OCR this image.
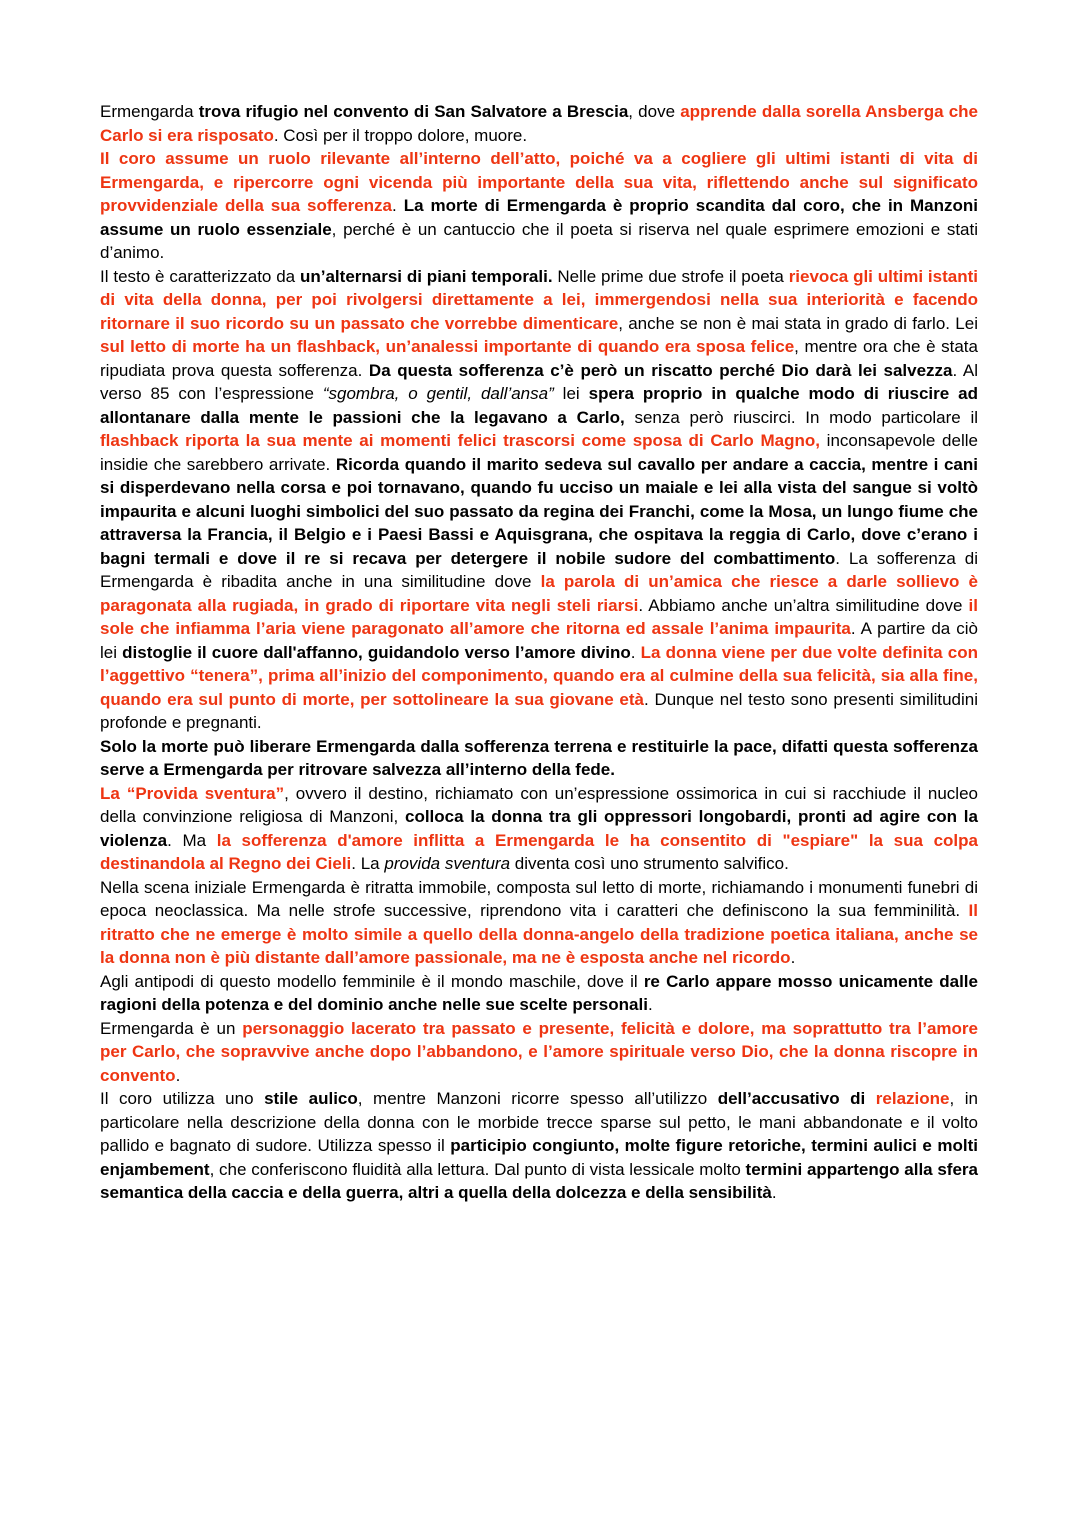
Ermengarda trova rifugio nel convento di San Salvatore a Brescia, dove apprende dalla sorella Ansberga che Carlo si era risposato. Così per il troppo dolore, muore.

Il coro assume un ruolo rilevante all’interno dell’atto, poiché va a cogliere gli ultimi istanti di vita di Ermengarda, e ripercorre ogni vicenda più importante della sua vita, riflettendo anche sul significato provvidenziale della sua sofferenza. La morte di Ermengarda è proprio scandita dal coro, che in Manzoni assume un ruolo essenziale, perché è un cantuccio che il poeta si riserva nel quale esprimere emozioni e stati d’animo.

Il testo è caratterizzato da un’alternarsi di piani temporali. Nelle prime due strofe il poeta rievoca gli ultimi istanti di vita della donna, per poi rivolgersi direttamente a lei, immergendosi nella sua interiorità e facendo ritornare il suo ricordo su un passato che vorrebbe dimenticare, anche se non è mai stata in grado di farlo. Lei sul letto di morte ha un flashback, un’analessi importante di quando era sposa felice, mentre ora che è stata ripudiata prova questa sofferenza. Da questa sofferenza c’è però un riscatto perché Dio darà lei salvezza. Al verso 85 con l’espressione “sgombra, o gentil, dall’ansa” lei spera proprio in qualche modo di riuscire ad allontanare dalla mente le passioni che la legavano a Carlo, senza però riuscirci. In modo particolare il flashback riporta la sua mente ai momenti felici trascorsi come sposa di Carlo Magno, inconsapevole delle insidie che sarebbero arrivate. Ricorda quando il marito sedeva sul cavallo per andare a caccia, mentre i cani si disperdevano nella corsa e poi tornavano, quando fu ucciso un maiale e lei alla vista del sangue si voltò impaurita e alcuni luoghi simbolici del suo passato da regina dei Franchi, come la Mosa, un lungo fiume che attraversa la Francia, il Belgio e i Paesi Bassi e Aquisgrana, che ospitava la reggia di Carlo, dove c’erano i bagni termali e dove il re si recava per detergere il nobile sudore del combattimento. La sofferenza di Ermengarda è ribadita anche in una similitudine dove la parola di un’amica che riesce a darle sollievo è paragonata alla rugiada, in grado di riportare vita negli steli riarsi. Abbiamo anche un’altra similitudine dove il sole che infiamma l’aria viene paragonato all’amore che ritorna ed assale l’anima impaurita. A partire da ciò lei distoglie il cuore dall'affanno, guidandolo verso l’amore divino. La donna viene per due volte definita con l’aggettivo “tenera”, prima all’inizio del componimento, quando era al culmine della sua felicità, sia alla fine, quando era sul punto di morte, per sottolineare la sua giovane età. Dunque nel testo sono presenti similitudini profonde e pregnanti.

Solo la morte può liberare Ermengarda dalla sofferenza terrena e restituirle la pace, difatti questa sofferenza serve a Ermengarda per ritrovare salvezza all’interno della fede.

La “Provida sventura”, ovvero il destino, richiamato con un’espressione ossimorica in cui si racchiude il nucleo della convinzione religiosa di Manzoni, colloca la donna tra gli oppressori longobardi, pronti ad agire con la violenza. Ma la sofferenza d'amore inflitta a Ermengarda le ha consentito di "espiare" la sua colpa destinandola al Regno dei Cieli. La provida sventura diventa così uno strumento salvifico.

Nella scena iniziale Ermengarda è ritratta immobile, composta sul letto di morte, richiamando i monumenti funebri di epoca neoclassica. Ma nelle strofe successive, riprendono vita i caratteri che definiscono la sua femminilità. Il ritratto che ne emerge è molto simile a quello della donna-angelo della tradizione poetica italiana, anche se la donna non è più distante dall’amore passionale, ma ne è esposta anche nel ricordo.

Agli antipodi di questo modello femminile è il mondo maschile, dove il re Carlo appare mosso unicamente dalle ragioni della potenza e del dominio anche nelle sue scelte personali.

Ermengarda è un personaggio lacerato tra passato e presente, felicità e dolore, ma soprattutto tra l’amore per Carlo, che sopravvive anche dopo l’abbandono, e l’amore spirituale verso Dio, che la donna riscopre in convento.

Il coro utilizza uno stile aulico, mentre Manzoni ricorre spesso all’utilizzo dell’accusativo di relazione, in particolare nella descrizione della donna con le morbide trecce sparse sul petto, le mani abbandonate e il volto pallido e bagnato di sudore. Utilizza spesso il participio congiunto, molte figure retoriche, termini aulici e molti enjambement, che conferiscono fluidità alla lettura. Dal punto di vista lessicale molto termini appartengo alla sfera semantica della caccia e della guerra, altri a quella della dolcezza e della sensibilità.
